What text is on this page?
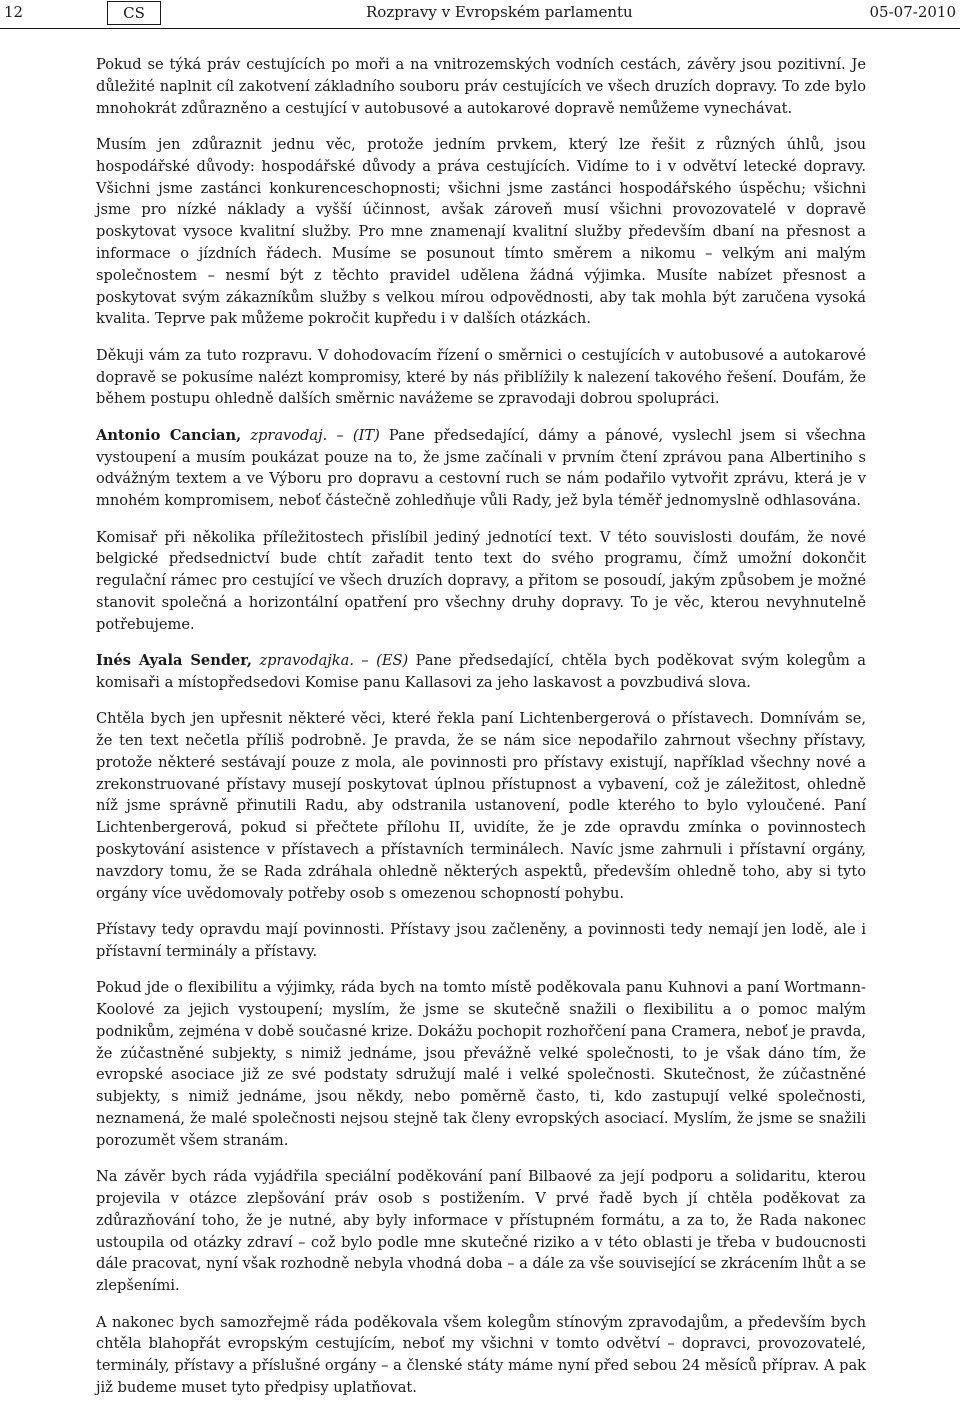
12	CS	Rozpravy v Evropském parlamentu	05-07-2010

Pokud se týká práv cestujících po moři a na vnitrozemských vodních cestách, závěry jsou pozitivní. Je důležité naplnit cíl zakotvení základního souboru práv cestujících ve všech druzích dopravy. To zde bylo mnohokrát zdůrazněno a cestující v autobusové a autokarové dopravě nemůžeme vynechávat.

Musím jen zdůraznit jednu věc, protože jedním prvkem, který lze řešit z různých úhlů, jsou hospodářské důvody: hospodářské důvody a práva cestujících. Vidíme to i v odvětví letecké dopravy. Všichni jsme zastánci konkurenceschopnosti; všichni jsme zastánci hospodářského úspěchu; všichni jsme pro nízké náklady a vyšší účinnost, avšak zároveň musí všichni provozovatelé v dopravě poskytovat vysoce kvalitní služby. Pro mne znamenají kvalitní služby především dbaní na přesnost a informace o jízdních řádech. Musíme se posunout tímto směrem a nikomu – velkým ani malým společnostem – nesmí být z těchto pravidel udělena žádná výjimka. Musíte nabízet přesnost a poskytovat svým zákazníkům služby s velkou mírou odpovědnosti, aby tak mohla být zaručena vysoká kvalita. Teprve pak můžeme pokročit kupředu i v dalších otázkách.

Děkuji vám za tuto rozpravu. V dohodovacím řízení o směrnici o cestujících v autobusové a autokarové dopravě se pokusíme nalézt kompromisy, které by nás přiblížily k nalezení takového řešení. Doufám, že během postupu ohledně dalších směrnic navážeme se zpravodaji dobrou spolupráci.

Antonio Cancian, zpravodaj. – (IT) Pane předsedající, dámy a pánové, vyslechl jsem si všechna vystoupení a musím poukázat pouze na to, že jsme začínali v prvním čtení zprávou pana Albertiniho s odvážným textem a ve Výboru pro dopravu a cestovní ruch se nám podařilo vytvořit zprávu, která je v mnohém kompromisem, neboť částečně zohledňuje vůli Rady, jež byla téměř jednomyslně odhlasována.

Komisař při několika příležitostech přislíbil jediný jednotící text. V této souvislosti doufám, že nové belgické předsednictví bude chtít zařadit tento text do svého programu, čímž umožní dokončit regulační rámec pro cestující ve všech druzích dopravy, a přitom se posoudí, jakým způsobem je možné stanovit společná a horizontální opatření pro všechny druhy dopravy. To je věc, kterou nevyhnutelně potřebujeme.

Inés Ayala Sender, zpravodajka. – (ES) Pane předsedající, chtěla bych poděkovat svým kolegům a komisaři a místopředsedovi Komise panu Kallasovi za jeho laskavost a povzbudivá slova.

Chtěla bych jen upřesnit některé věci, které řekla paní Lichtenbergerová o přístavech. Domnívám se, že ten text nečetla příliš podrobně. Je pravda, že se nám sice nepodařilo zahrnout všechny přístavy, protože některé sestávají pouze z mola, ale povinnosti pro přístavy existují, například všechny nové a zrekonstruované přístavy musejí poskytovat úplnou přístupnost a vybavení, což je záležitost, ohledně níž jsme správně přinutili Radu, aby odstranila ustanovení, podle kterého to bylo vyloučené. Paní Lichtenbergerová, pokud si přečtete přílohu II, uvidíte, že je zde opravdu zmínka o povinnostech poskytování asistence v přístavech a přístavních terminálech. Navíc jsme zahrnuli i přístavní orgány, navzdory tomu, že se Rada zdráhala ohledně některých aspektů, především ohledně toho, aby si tyto orgány více uvědomovaly potřeby osob s omezenou schopností pohybu.

Přístavy tedy opravdu mají povinnosti. Přístavy jsou začleněny, a povinnosti tedy nemají jen lodě, ale i přístavní terminály a přístavy.

Pokud jde o flexibilitu a výjimky, ráda bych na tomto místě poděkovala panu Kuhnovi a paní Wortmann-Koolové za jejich vystoupení; myslím, že jsme se skutečně snažili o flexibilitu a o pomoc malým podnikům, zejména v době současné krize. Dokážu pochopit rozhořčení pana Cramera, neboť je pravda, že zúčastněné subjekty, s nimiž jednáme, jsou převážně velké společnosti, to je však dáno tím, že evropské asociace již ze své podstaty sdružují malé i velké společnosti. Skutečnost, že zúčastněné subjekty, s nimiž jednáme, jsou někdy, nebo poměrně často, ti, kdo zastupují velké společnosti, neznamená, že malé společnosti nejsou stejně tak členy evropských asociací. Myslím, že jsme se snažili porozumět všem stranám.

Na závěr bych ráda vyjádřila speciální poděkování paní Bilbaové za její podporu a solidaritu, kterou projevila v otázce zlepšování práv osob s postižením. V prvé řadě bych jí chtěla poděkovat za zdůrazňování toho, že je nutné, aby byly informace v přístupném formátu, a za to, že Rada nakonec ustoupila od otázky zdraví – což bylo podle mne skutečné riziko a v této oblasti je třeba v budoucnosti dále pracovat, nyní však rozhodně nebyla vhodná doba – a dále za vše související se zkrácením lhůt a se zlepšeními.

A nakonec bych samozřejmě ráda poděkovala všem kolegům stínovým zpravodajům, a především bych chtěla blahopřát evropským cestujícím, neboť my všichni v tomto odvětví – dopravci, provozovatelé, terminály, přístavy a příslušné orgány – a členské státy máme nyní před sebou 24 měsíců příprav. A pak již budeme muset tyto předpisy uplatňovat.
